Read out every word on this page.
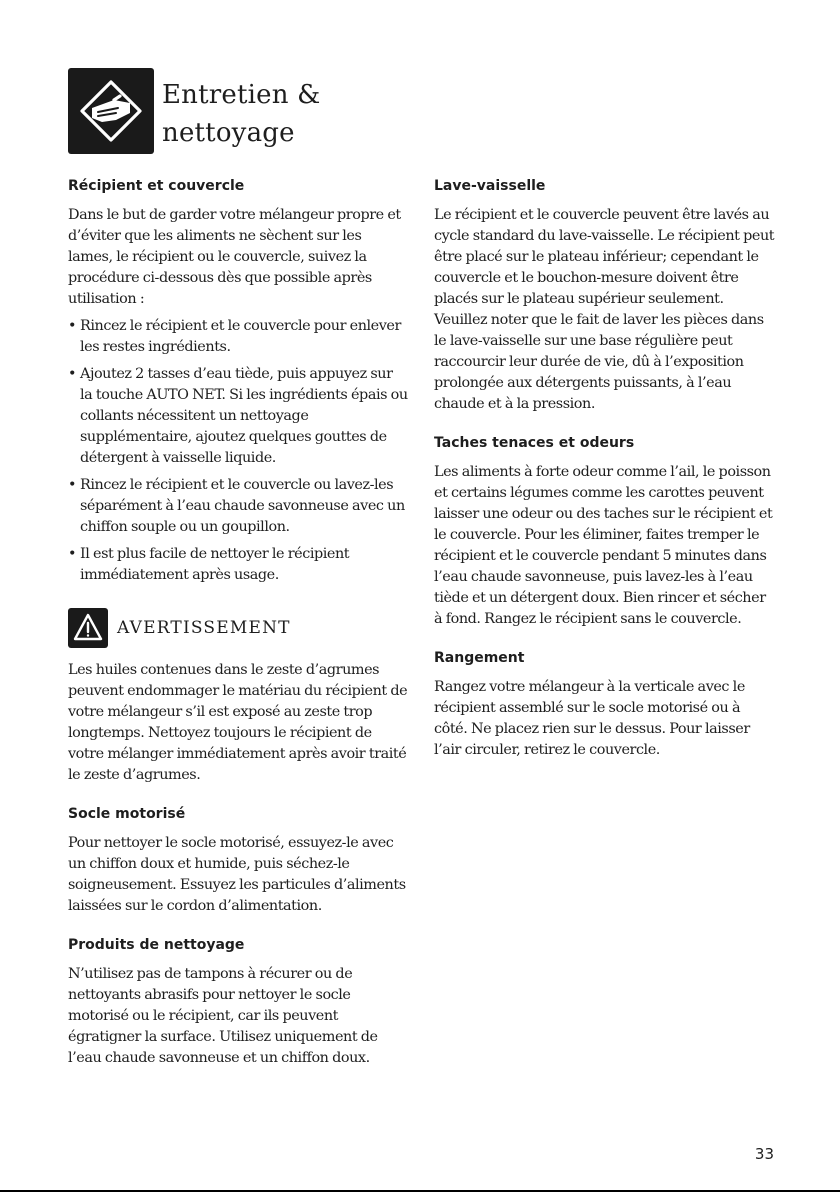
Entretien &
nettoyage
Récipient et couvercle

Dans le but de garder votre mélangeur propre et d’éviter que les aliments ne sèchent sur les lames, le récipient ou le couvercle, suivez la procédure ci-dessous dès que possible après utilisation :

• Rincez le récipient et le couvercle pour enlever les restes ingrédients.
• Ajoutez 2 tasses d’eau tiède, puis appuyez sur la touche AUTO NET. Si les ingrédients épais ou collants nécessitent un nettoyage supplémentaire, ajoutez quelques gouttes de détergent à vaisselle liquide.
• Rincez le récipient et le couvercle ou lavez-les séparément à l’eau chaude savonneuse avec un chiffon souple ou un goupillon.
• Il est plus facile de nettoyer le récipient immédiatement après usage.
AVERTISSEMENT

Les huiles contenues dans le zeste d’agrumes peuvent endommager le matériau du récipient de votre mélangeur s’il est exposé au zeste trop longtemps. Nettoyez toujours le récipient de votre mélanger immédiatement après avoir traité le zeste d’agrumes.

Socle motorisé

Pour nettoyer le socle motorisé, essuyez-le avec un chiffon doux et humide, puis séchez-le soigneusement. Essuyez les particules d’aliments laissées sur le cordon d’alimentation.

Produits de nettoyage

N’utilisez pas de tampons à récurer ou de nettoyants abrasifs pour nettoyer le socle motorisé ou le récipient, car ils peuvent égratigner la surface. Utilisez uniquement de l’eau chaude savonneuse et un chiffon doux.

Lave-vaisselle

Le récipient et le couvercle peuvent être lavés au cycle standard du lave-vaisselle. Le récipient peut être placé sur le plateau inférieur; cependant le couvercle et le bouchon-mesure doivent être placés sur le plateau supérieur seulement. Veuillez noter que le fait de laver les pièces dans le lave-vaisselle sur une base régulière peut raccourcir leur durée de vie, dû à l’exposition prolongée aux détergents puissants, à l’eau chaude et à la pression.

Taches tenaces et odeurs

Les aliments à forte odeur comme l’ail, le poisson et certains légumes comme les carottes peuvent laisser une odeur ou des taches sur le récipient et le couvercle. Pour les éliminer, faites tremper le récipient et le couvercle pendant 5 minutes dans l’eau chaude savonneuse, puis lavez-les à l’eau tiède et un détergent doux. Bien rincer et sécher à fond. Rangez le récipient sans le couvercle.

Rangement

Rangez votre mélangeur à la verticale avec le récipient assemblé sur le socle motorisé ou à côté. Ne placez rien sur le dessus. Pour laisser l’air circuler, retirez le couvercle.

33
